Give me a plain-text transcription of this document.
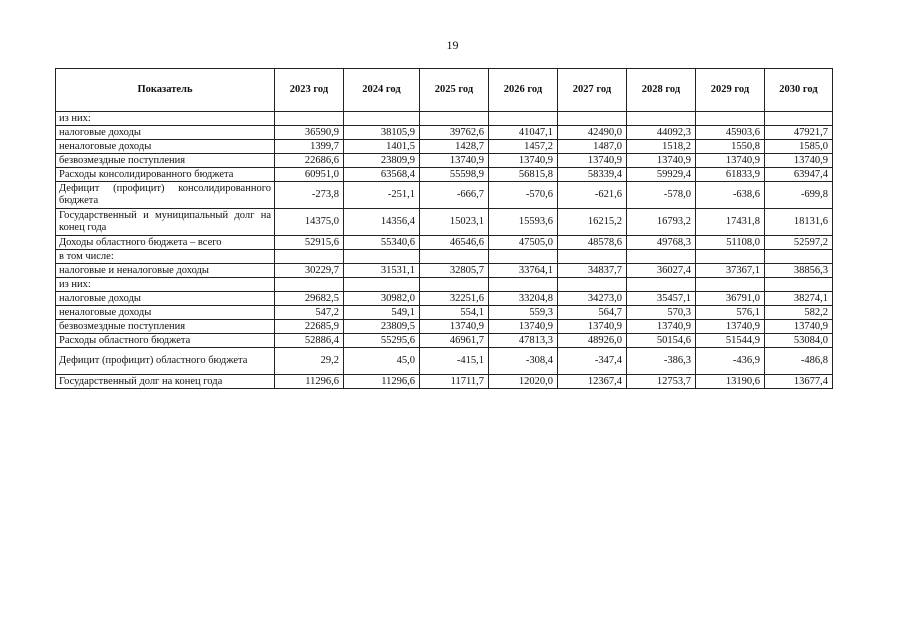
19
Показатель	2023 год	2024 год	2025 год	2026 год	2027 год	2028 год	2029 год	2030 год
из них:								
налоговые доходы	36590,9	38105,9	39762,6	41047,1	42490,0	44092,3	45903,6	47921,7
неналоговые доходы	1399,7	1401,5	1428,7	1457,2	1487,0	1518,2	1550,8	1585,0
безвозмездные поступления	22686,6	23809,9	13740,9	13740,9	13740,9	13740,9	13740,9	13740,9
Расходы консолидированного бюджета	60951,0	63568,4	55598,9	56815,8	58339,4	59929,4	61833,9	63947,4
Дефицит (профицит) консолидированного бюджета	-273,8	-251,1	-666,7	-570,6	-621,6	-578,0	-638,6	-699,8
Государственный и муниципальный долг на конец года	14375,0	14356,4	15023,1	15593,6	16215,2	16793,2	17431,8	18131,6
Доходы областного бюджета – всего	52915,6	55340,6	46546,6	47505,0	48578,6	49768,3	51108,0	52597,2
в том числе:								
налоговые и неналоговые доходы	30229,7	31531,1	32805,7	33764,1	34837,7	36027,4	37367,1	38856,3
из них:								
налоговые доходы	29682,5	30982,0	32251,6	33204,8	34273,0	35457,1	36791,0	38274,1
неналоговые доходы	547,2	549,1	554,1	559,3	564,7	570,3	576,1	582,2
безвозмездные поступления	22685,9	23809,5	13740,9	13740,9	13740,9	13740,9	13740,9	13740,9
Расходы областного бюджета	52886,4	55295,6	46961,7	47813,3	48926,0	50154,6	51544,9	53084,0
Дефицит (профицит) областного бюджета	29,2	45,0	-415,1	-308,4	-347,4	-386,3	-436,9	-486,8
Государственный долг на конец года	11296,6	11296,6	11711,7	12020,0	12367,4	12753,7	13190,6	13677,4
